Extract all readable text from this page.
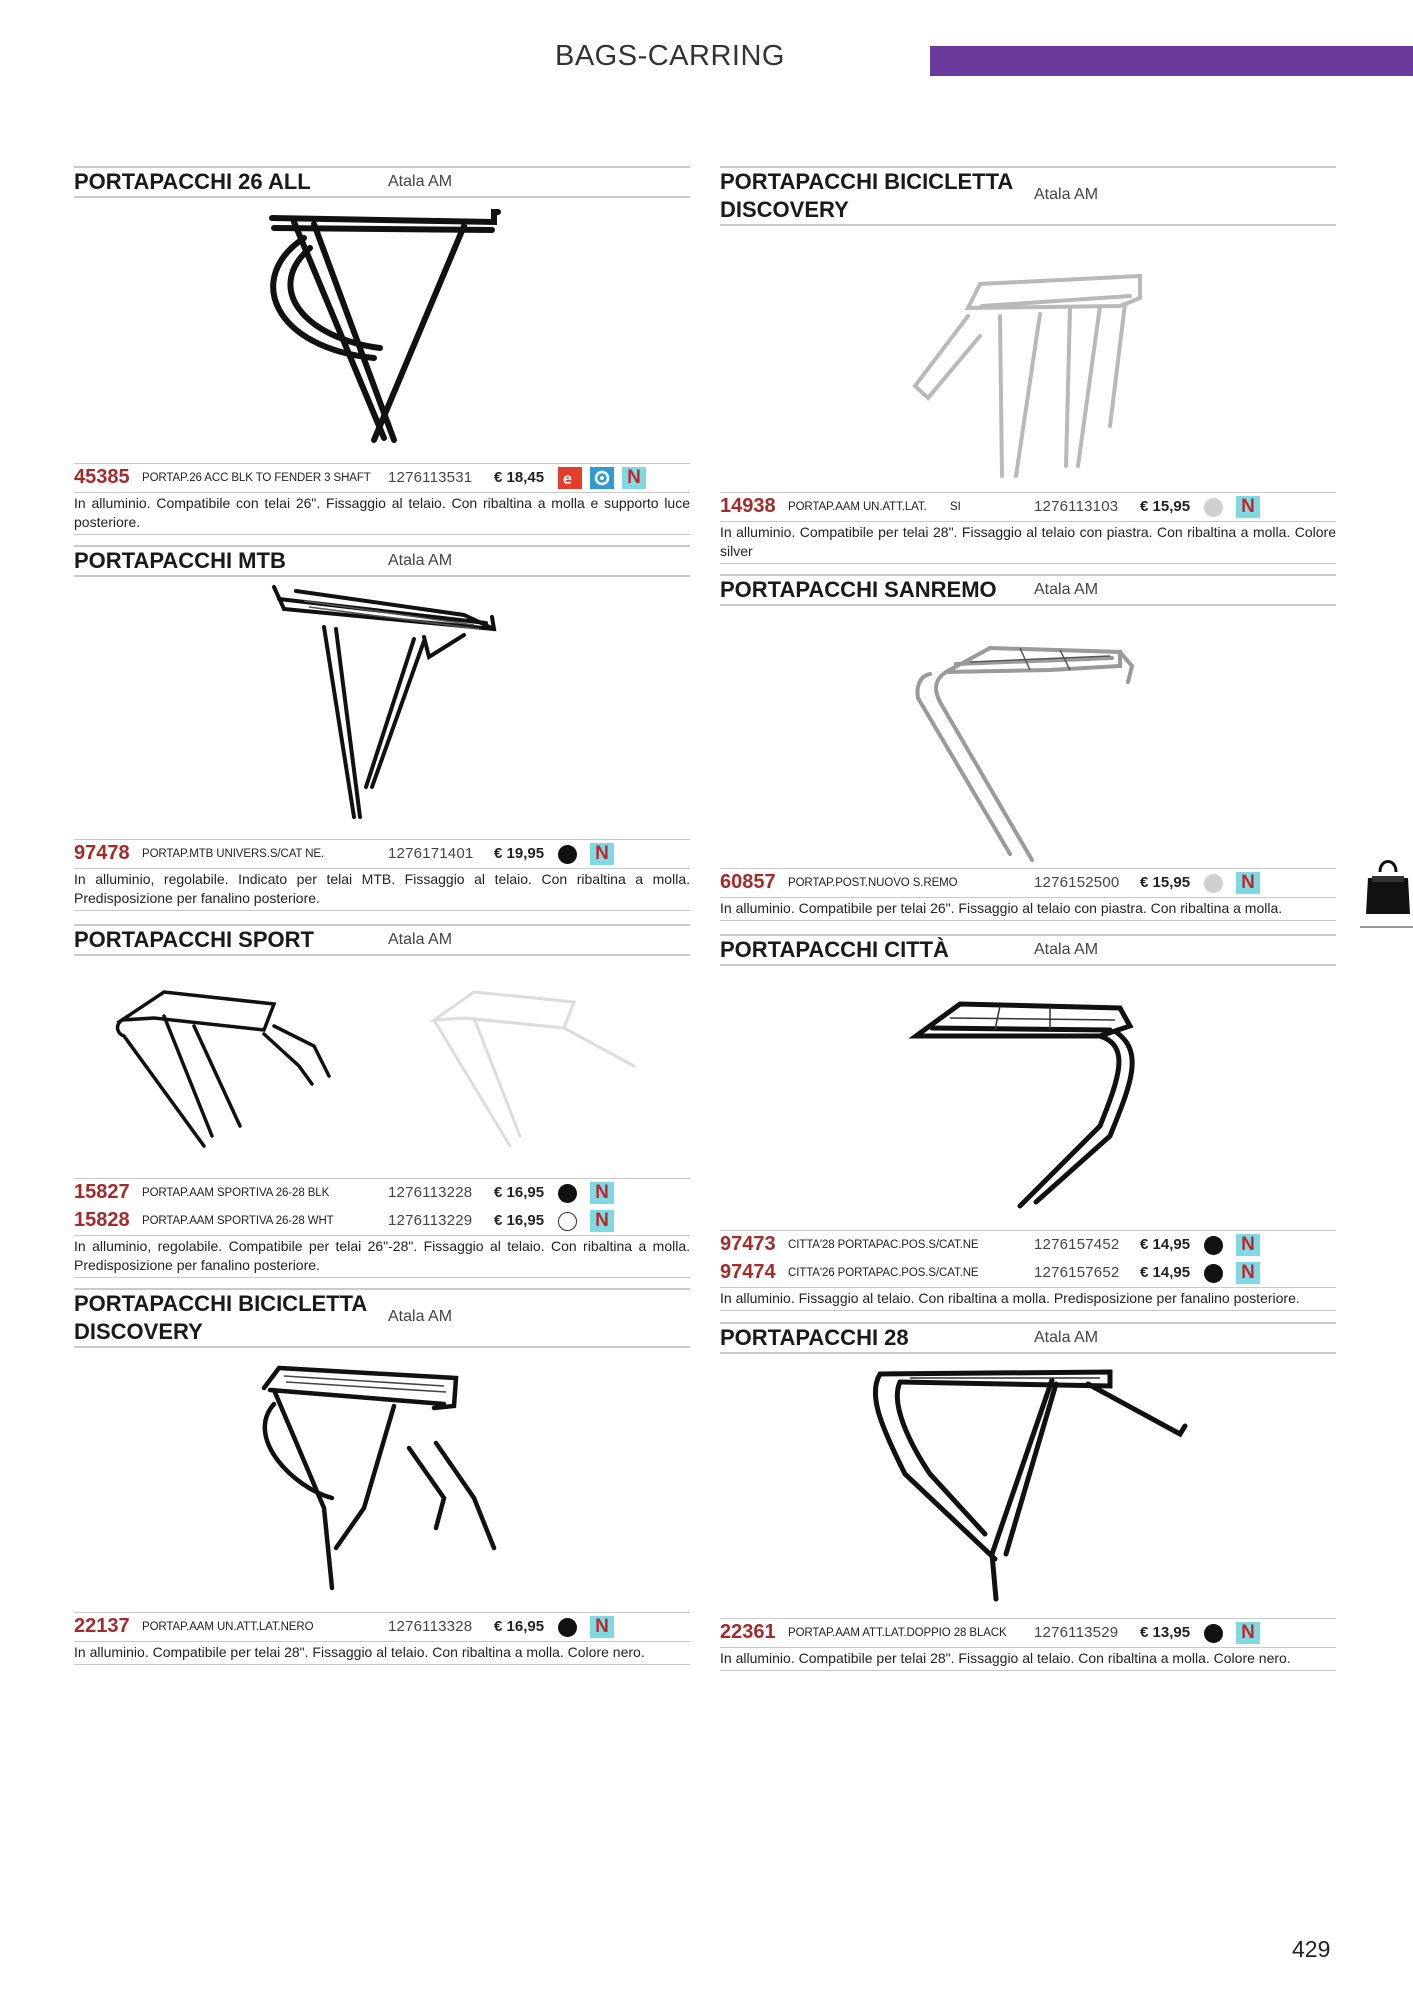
BAGS-CARRING
PORTAPACCHI 26 ALL	Atala AM
45385 PORTAP.26 ACC BLK TO FENDER 3 SHAFT 1276113531 € 18,45 e	N
In alluminio. Compatibile con telai 26". Fissaggio al telaio. Con ribaltina a molla e supporto luce posteriore.
PORTAPACCHI MTB	Atala AM
97478 PORTAP.MTB UNIVERS.S/CAT NE.	1276171401 € 19,95	N
In alluminio, regolabile. Indicato per telai MTB. Fissaggio al telaio. Con ribaltina a molla. Predisposizione per fanalino posteriore.
PORTAPACCHI SPORT	Atala AM
15827 PORTAP.AAM SPORTIVA 26-28 BLK	1276113228 € 16,95	N
15828 PORTAP.AAM SPORTIVA 26-28 WHT	1276113229 € 16,95	N
In alluminio, regolabile. Compatibile per telai 26"-28". Fissaggio al telaio. Con ribaltina a molla. Predisposizione per fanalino posteriore.
PORTAPACCHI BICICLETTA
DISCOVERY
Atala AM
22137 PORTAP.AAM UN.ATT.LAT.NERO	1276113328 € 16,95	N
In alluminio. Compatibile per telai 28". Fissaggio al telaio. Con ribaltina a molla. Colore nero.
PORTAPACCHI BICICLETTA
DISCOVERY
Atala AM
14938 PORTAP.AAM UN.ATT.LAT. SI	1276113103 € 15,95	N
In alluminio. Compatibile per telai 28". Fissaggio al telaio con piastra. Con ribaltina a molla. Colore silver
PORTAPACCHI SANREMO Atala AM
60857 PORTAP.POST.NUOVO S.REMO	1276152500 € 15,95	N
In alluminio. Compatibile per telai 26". Fissaggio al telaio con piastra. Con ribaltina a molla.
PORTAPACCHI CITTÀ	Atala AM
97473 CITTA'28 PORTAPAC.POS.S/CAT.NE	1276157452 € 14,95	N
97474 CITTA'26 PORTAPAC.POS.S/CAT.NE	1276157652 € 14,95	N
In alluminio. Fissaggio al telaio. Con ribaltina a molla. Predisposizione per fanalino posteriore.
PORTAPACCHI 28	Atala AM
22361 PORTAP.AAM ATT.LAT.DOPPIO 28 BLACK 1276113529 € 13,95	N
In alluminio. Compatibile per telai 28". Fissaggio al telaio. Con ribaltina a molla. Colore nero.
429
